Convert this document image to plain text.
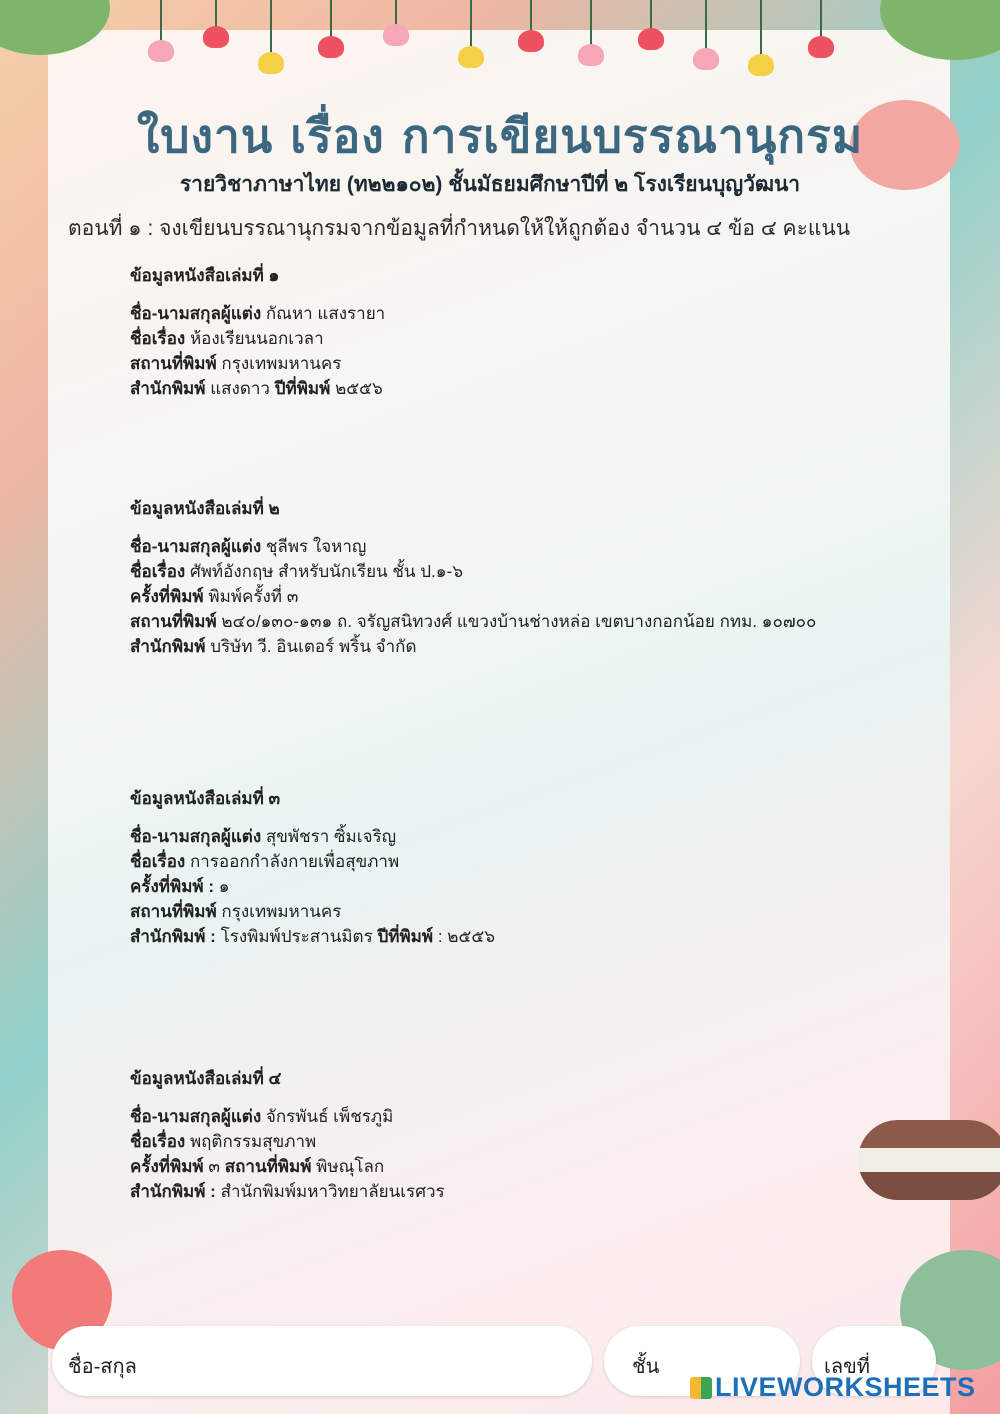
ใบงาน เรื่อง การเขียนบรรณานุกรม
รายวิชาภาษาไทย (ท๒๒๑๐๒) ชั้นมัธยมศึกษาปีที่ ๒ โรงเรียนบุญวัฒนา
ตอนที่ ๑ : จงเขียนบรรณานุกรมจากข้อมูลที่กำหนดให้ให้ถูกต้อง จำนวน ๔ ข้อ ๔ คะแนน
ข้อมูลหนังสือเล่มที่ ๑
ชื่อ-นามสกุลผู้แต่ง กัณหา แสงรายา
ชื่อเรื่อง ห้องเรียนนอกเวลา
สถานที่พิมพ์ กรุงเทพมหานคร
สำนักพิมพ์ แสงดาว ปีที่พิมพ์ ๒๕๕๖
ข้อมูลหนังสือเล่มที่ ๒
ชื่อ-นามสกุลผู้แต่ง ชุลีพร ใจหาญ
ชื่อเรื่อง ศัพท์อังกฤษ สำหรับนักเรียน ชั้น ป.๑-๖
ครั้งที่พิมพ์ พิมพ์ครั้งที่ ๓
สถานที่พิมพ์ ๒๔๐/๑๓๐-๑๓๑ ถ. จรัญสนิทวงศ์ แขวงบ้านช่างหล่อ เขตบางกอกน้อย กทม. ๑๐๗๐๐
สำนักพิมพ์ บริษัท วี. อินเตอร์ พริ้น จำกัด
ข้อมูลหนังสือเล่มที่ ๓
ชื่อ-นามสกุลผู้แต่ง สุขพัชรา ซิ้มเจริญ
ชื่อเรื่อง การออกกำลังกายเพื่อสุขภาพ
ครั้งที่พิมพ์ : ๑
สถานที่พิมพ์ กรุงเทพมหานคร
สำนักพิมพ์ : โรงพิมพ์ประสานมิตร ปีที่พิมพ์ : ๒๕๕๖
ข้อมูลหนังสือเล่มที่ ๔
ชื่อ-นามสกุลผู้แต่ง จักรพันธ์ เพ็ชรภูมิ
ชื่อเรื่อง พฤติกรรมสุขภาพ
ครั้งที่พิมพ์ ๓ สถานที่พิมพ์ พิษณุโลก
สำนักพิมพ์ : สำนักพิมพ์มหาวิทยาลัยนเรศวร
ชื่อ-สกุล	ชั้น	เลขที่
LIVEWORKSHEETS
